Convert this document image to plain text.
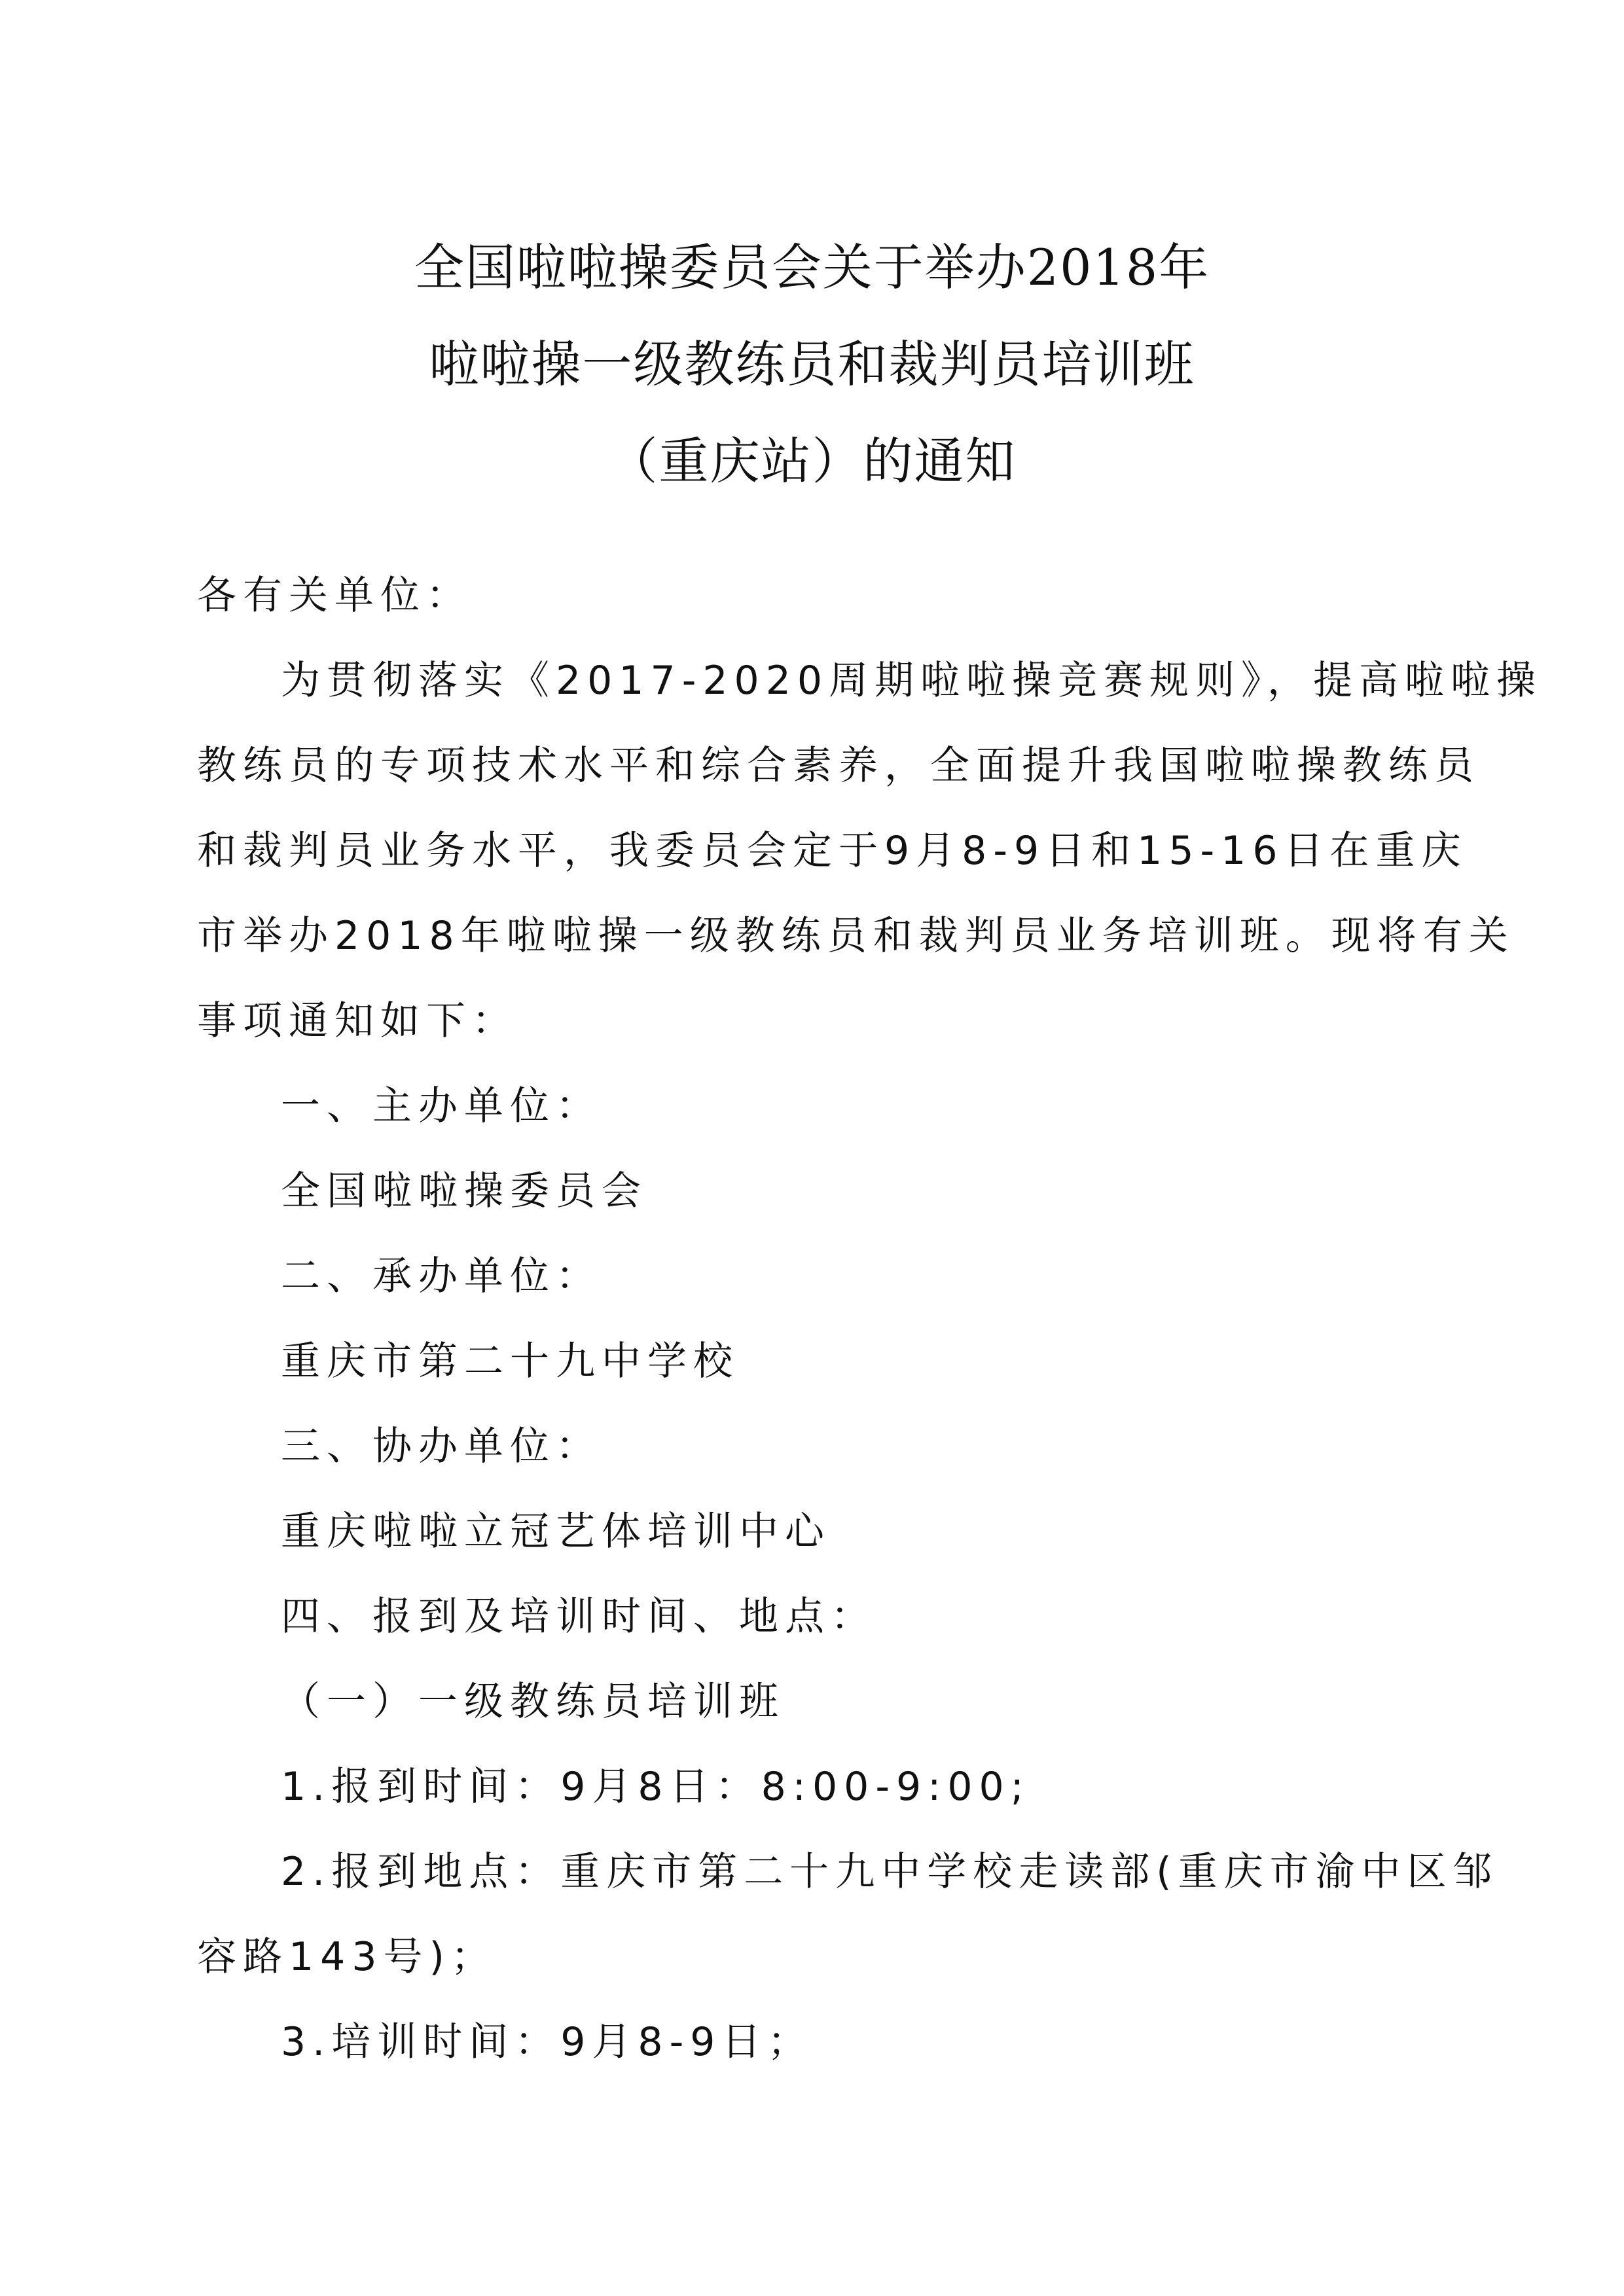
全国啦啦操委员会关于举办2018年
啦啦操一级教练员和裁判员培训班
（重庆站）的通知
各有关单位：
为贯彻落实《2017-2020周期啦啦操竞赛规则》，提高啦啦操
教练员的专项技术水平和综合素养，全面提升我国啦啦操教练员
和裁判员业务水平，我委员会定于9月8-9日和15-16日在重庆
市举办2018年啦啦操一级教练员和裁判员业务培训班。现将有关
事项通知如下：
一、主办单位：
全国啦啦操委员会
二、承办单位：
重庆市第二十九中学校
三、协办单位：
重庆啦啦立冠艺体培训中心
四、报到及培训时间、地点：
（一）一级教练员培训班
1.报到时间：9月8日：8:00-9:00;
2.报到地点：重庆市第二十九中学校走读部(重庆市渝中区邹
容路143号)；
3.培训时间：9月8-9日；
